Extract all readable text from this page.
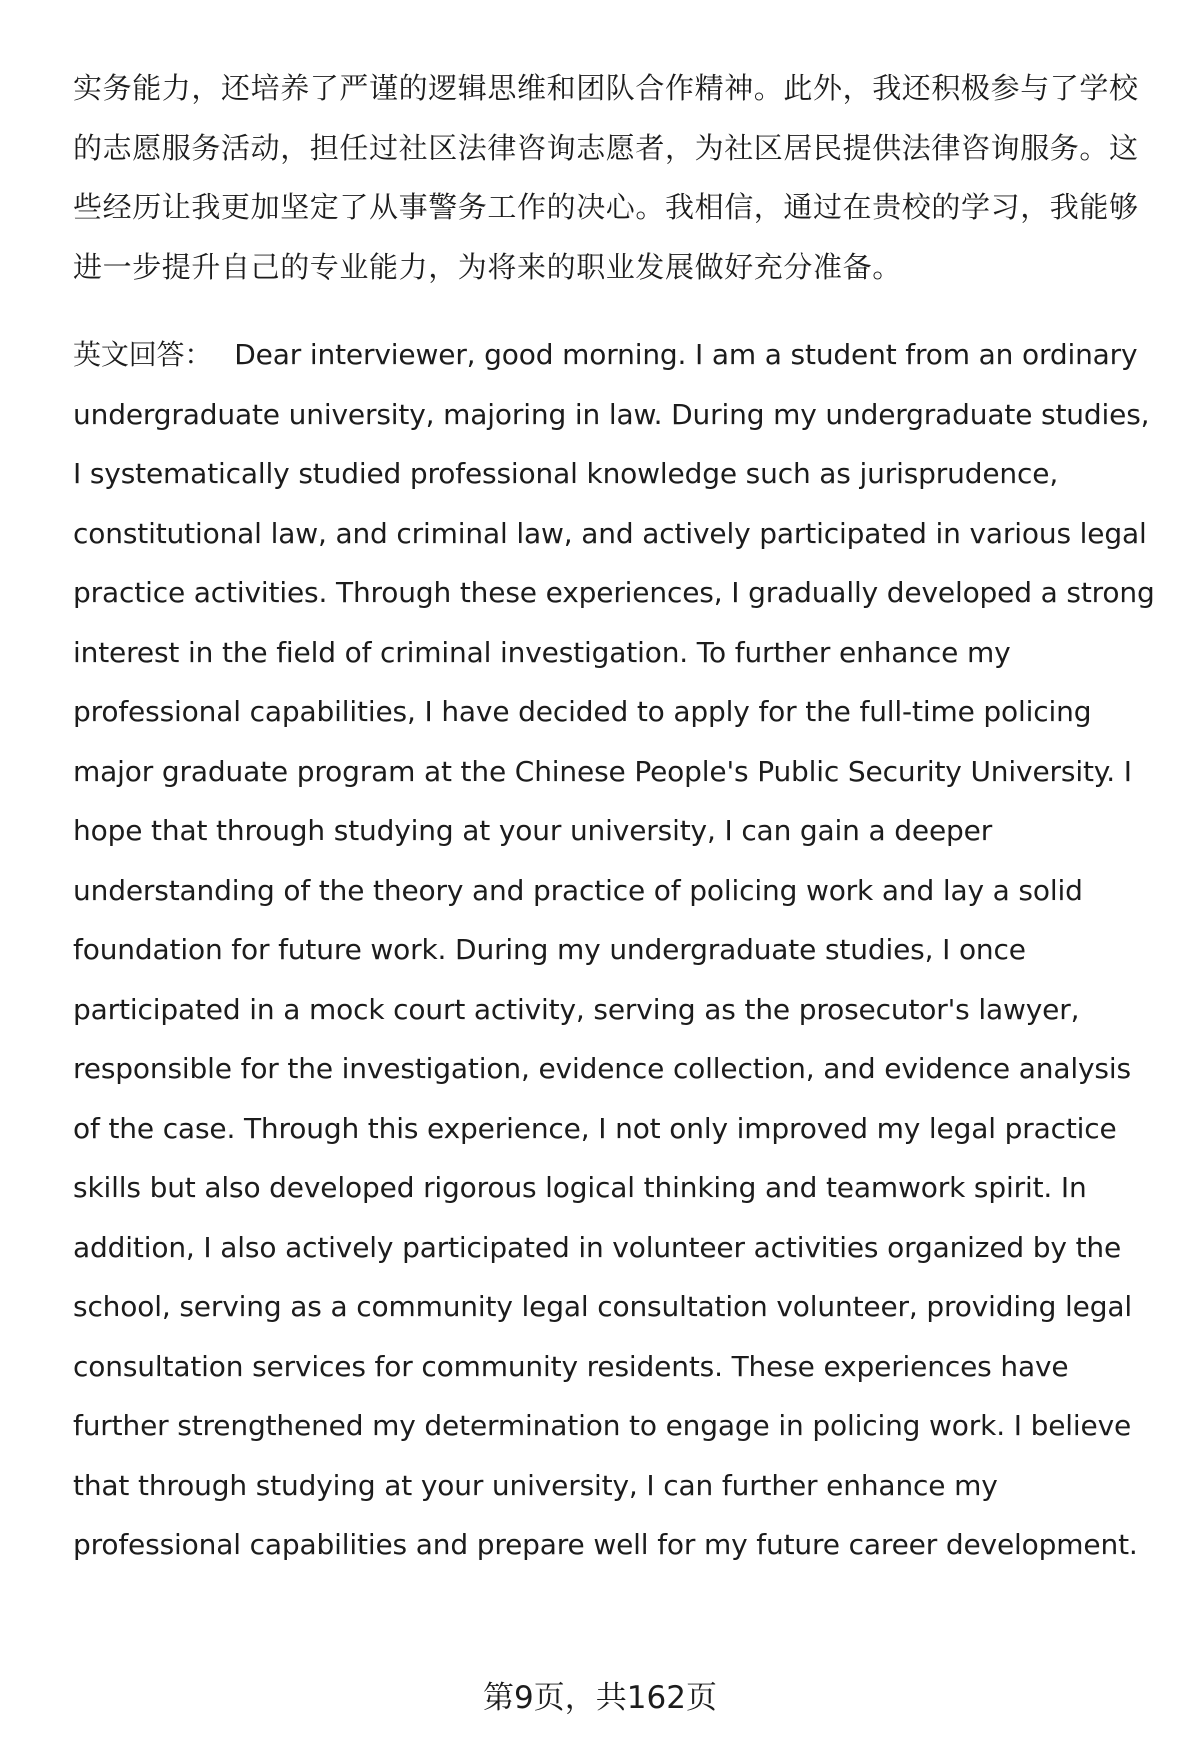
实务能力，还培养了严谨的逻辑思维和团队合作精神。此外，我还积极参与了学校的志愿服务活动，担任过社区法律咨询志愿者，为社区居民提供法律咨询服务。这些经历让我更加坚定了从事警务工作的决心。我相信，通过在贵校的学习，我能够进一步提升自己的专业能力，为将来的职业发展做好充分准备。

英文回答： Dear interviewer, good morning. I am a student from an ordinary undergraduate university, majoring in law. During my undergraduate studies, I systematically studied professional knowledge such as jurisprudence, constitutional law, and criminal law, and actively participated in various legal practice activities. Through these experiences, I gradually developed a strong interest in the field of criminal investigation. To further enhance my professional capabilities, I have decided to apply for the full-time policing major graduate program at the Chinese People's Public Security University. I hope that through studying at your university, I can gain a deeper understanding of the theory and practice of policing work and lay a solid foundation for future work. During my undergraduate studies, I once participated in a mock court activity, serving as the prosecutor's lawyer, responsible for the investigation, evidence collection, and evidence analysis of the case. Through this experience, I not only improved my legal practice skills but also developed rigorous logical thinking and teamwork spirit. In addition, I also actively participated in volunteer activities organized by the school, serving as a community legal consultation volunteer, providing legal consultation services for community residents. These experiences have further strengthened my determination to engage in policing work. I believe that through studying at your university, I can further enhance my professional capabilities and prepare well for my future career development.

第9页，共162页
